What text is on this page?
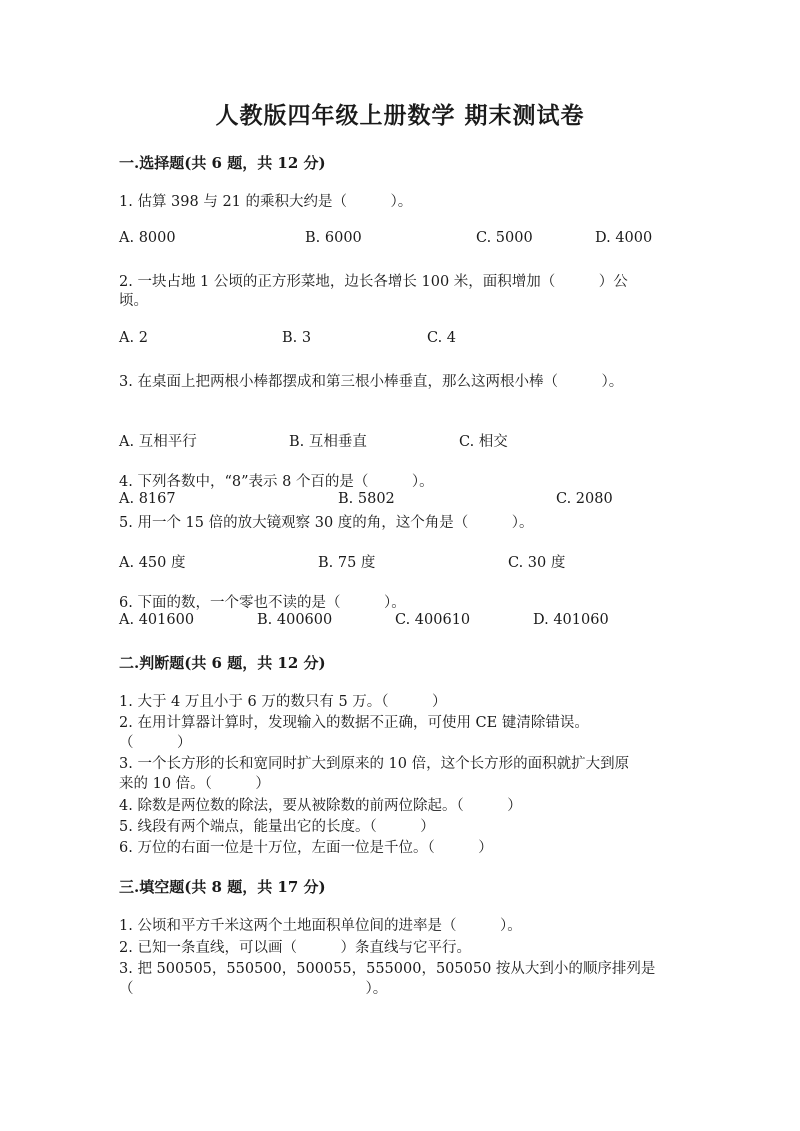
人教版四年级上册数学 期末测试卷
一.选择题(共 6 题，共 12 分)
1. 估算 398 与 21 的乘积大约是（　　　）。
A. 8000	B. 6000	C. 5000	D. 4000
2. 一块占地 1 公顷的正方形菜地，边长各增长 100 米，面积增加（　　　）公
顷。
A. 2	B. 3	C. 4
3. 在桌面上把两根小棒都摆成和第三根小棒垂直，那么这两根小棒（　　　）。
A. 互相平行	B. 互相垂直	C. 相交
4. 下列各数中，“8”表示 8 个百的是（　　　）。
A. 8167	B. 5802	C. 2080
5. 用一个 15 倍的放大镜观察 30 度的角，这个角是（　　　）。
A. 450 度	B. 75 度	C. 30 度
6. 下面的数，一个零也不读的是（　　　）。
A. 401600	B. 400600	C. 400610	D. 401060
二.判断题(共 6 题，共 12 分)
1. 大于 4 万且小于 6 万的数只有 5 万。（　　　）
2. 在用计算器计算时，发现输入的数据不正确，可使用 CE 键清除错误。
（　　　）
3. 一个长方形的长和宽同时扩大到原来的 10 倍，这个长方形的面积就扩大到原
来的 10 倍。（　　　）
4. 除数是两位数的除法，要从被除数的前两位除起。（　　　）
5. 线段有两个端点，能量出它的长度。（　　　）
6. 万位的右面一位是十万位，左面一位是千位。（　　　）
三.填空题(共 8 题，共 17 分)
1. 公顷和平方千米这两个土地面积单位间的进率是（　　　）。
2. 已知一条直线，可以画（　　　）条直线与它平行。
3. 把 500505，550500，500055，555000，505050 按从大到小的顺序排列是
（　　　　　　　　　　　　　　　　）。
